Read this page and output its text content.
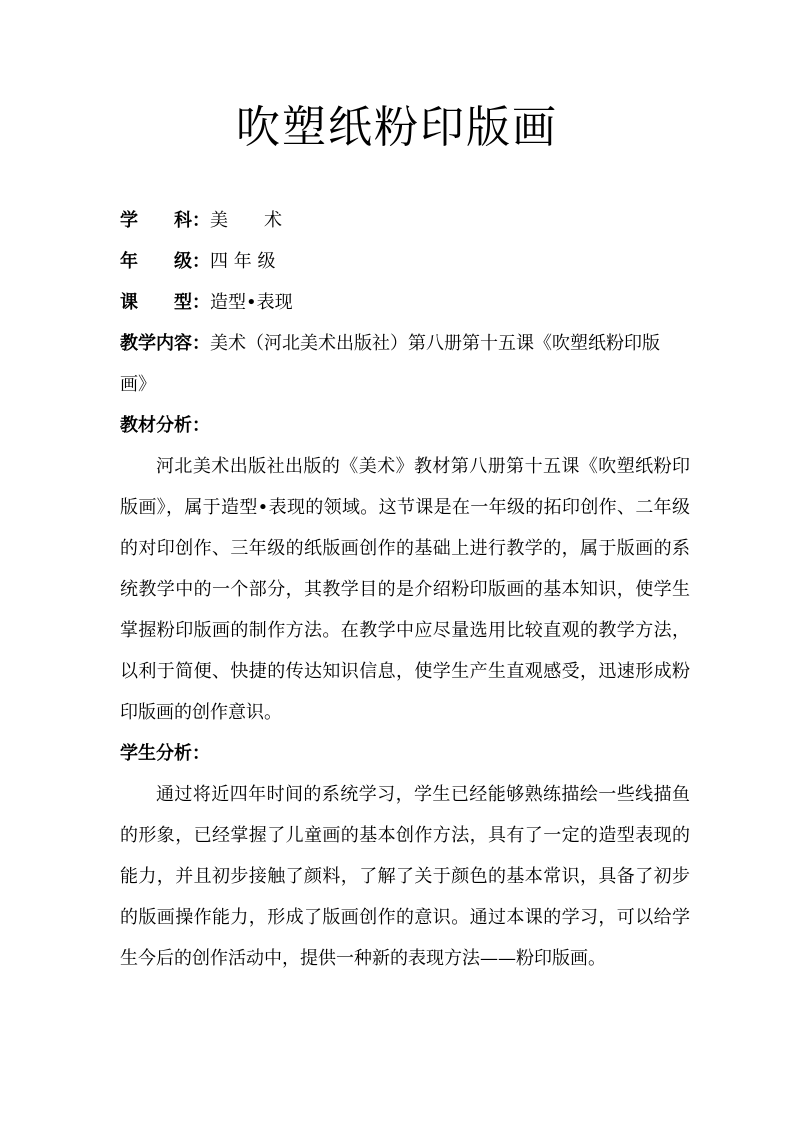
吹塑纸粉印版画
学　　科：美　　术
年　　级：四 年 级
课　　型：造型•表现
教学内容：美术（河北美术出版社）第八册第十五课《吹塑纸粉印版
画》
教材分析：

河北美术出版社出版的《美术》教材第八册第十五课《吹塑纸粉印版画》，属于造型•表现的领域。这节课是在一年级的拓印创作、二年级的对印创作、三年级的纸版画创作的基础上进行教学的，属于版画的系统教学中的一个部分，其教学目的是介绍粉印版画的基本知识，使学生掌握粉印版画的制作方法。在教学中应尽量选用比较直观的教学方法，以利于简便、快捷的传达知识信息，使学生产生直观感受，迅速形成粉印版画的创作意识。

学生分析：

通过将近四年时间的系统学习，学生已经能够熟练描绘一些线描鱼的形象，已经掌握了儿童画的基本创作方法，具有了一定的造型表现的能力，并且初步接触了颜料，了解了关于颜色的基本常识，具备了初步的版画操作能力，形成了版画创作的意识。通过本课的学习，可以给学生今后的创作活动中，提供一种新的表现方法——粉印版画。
